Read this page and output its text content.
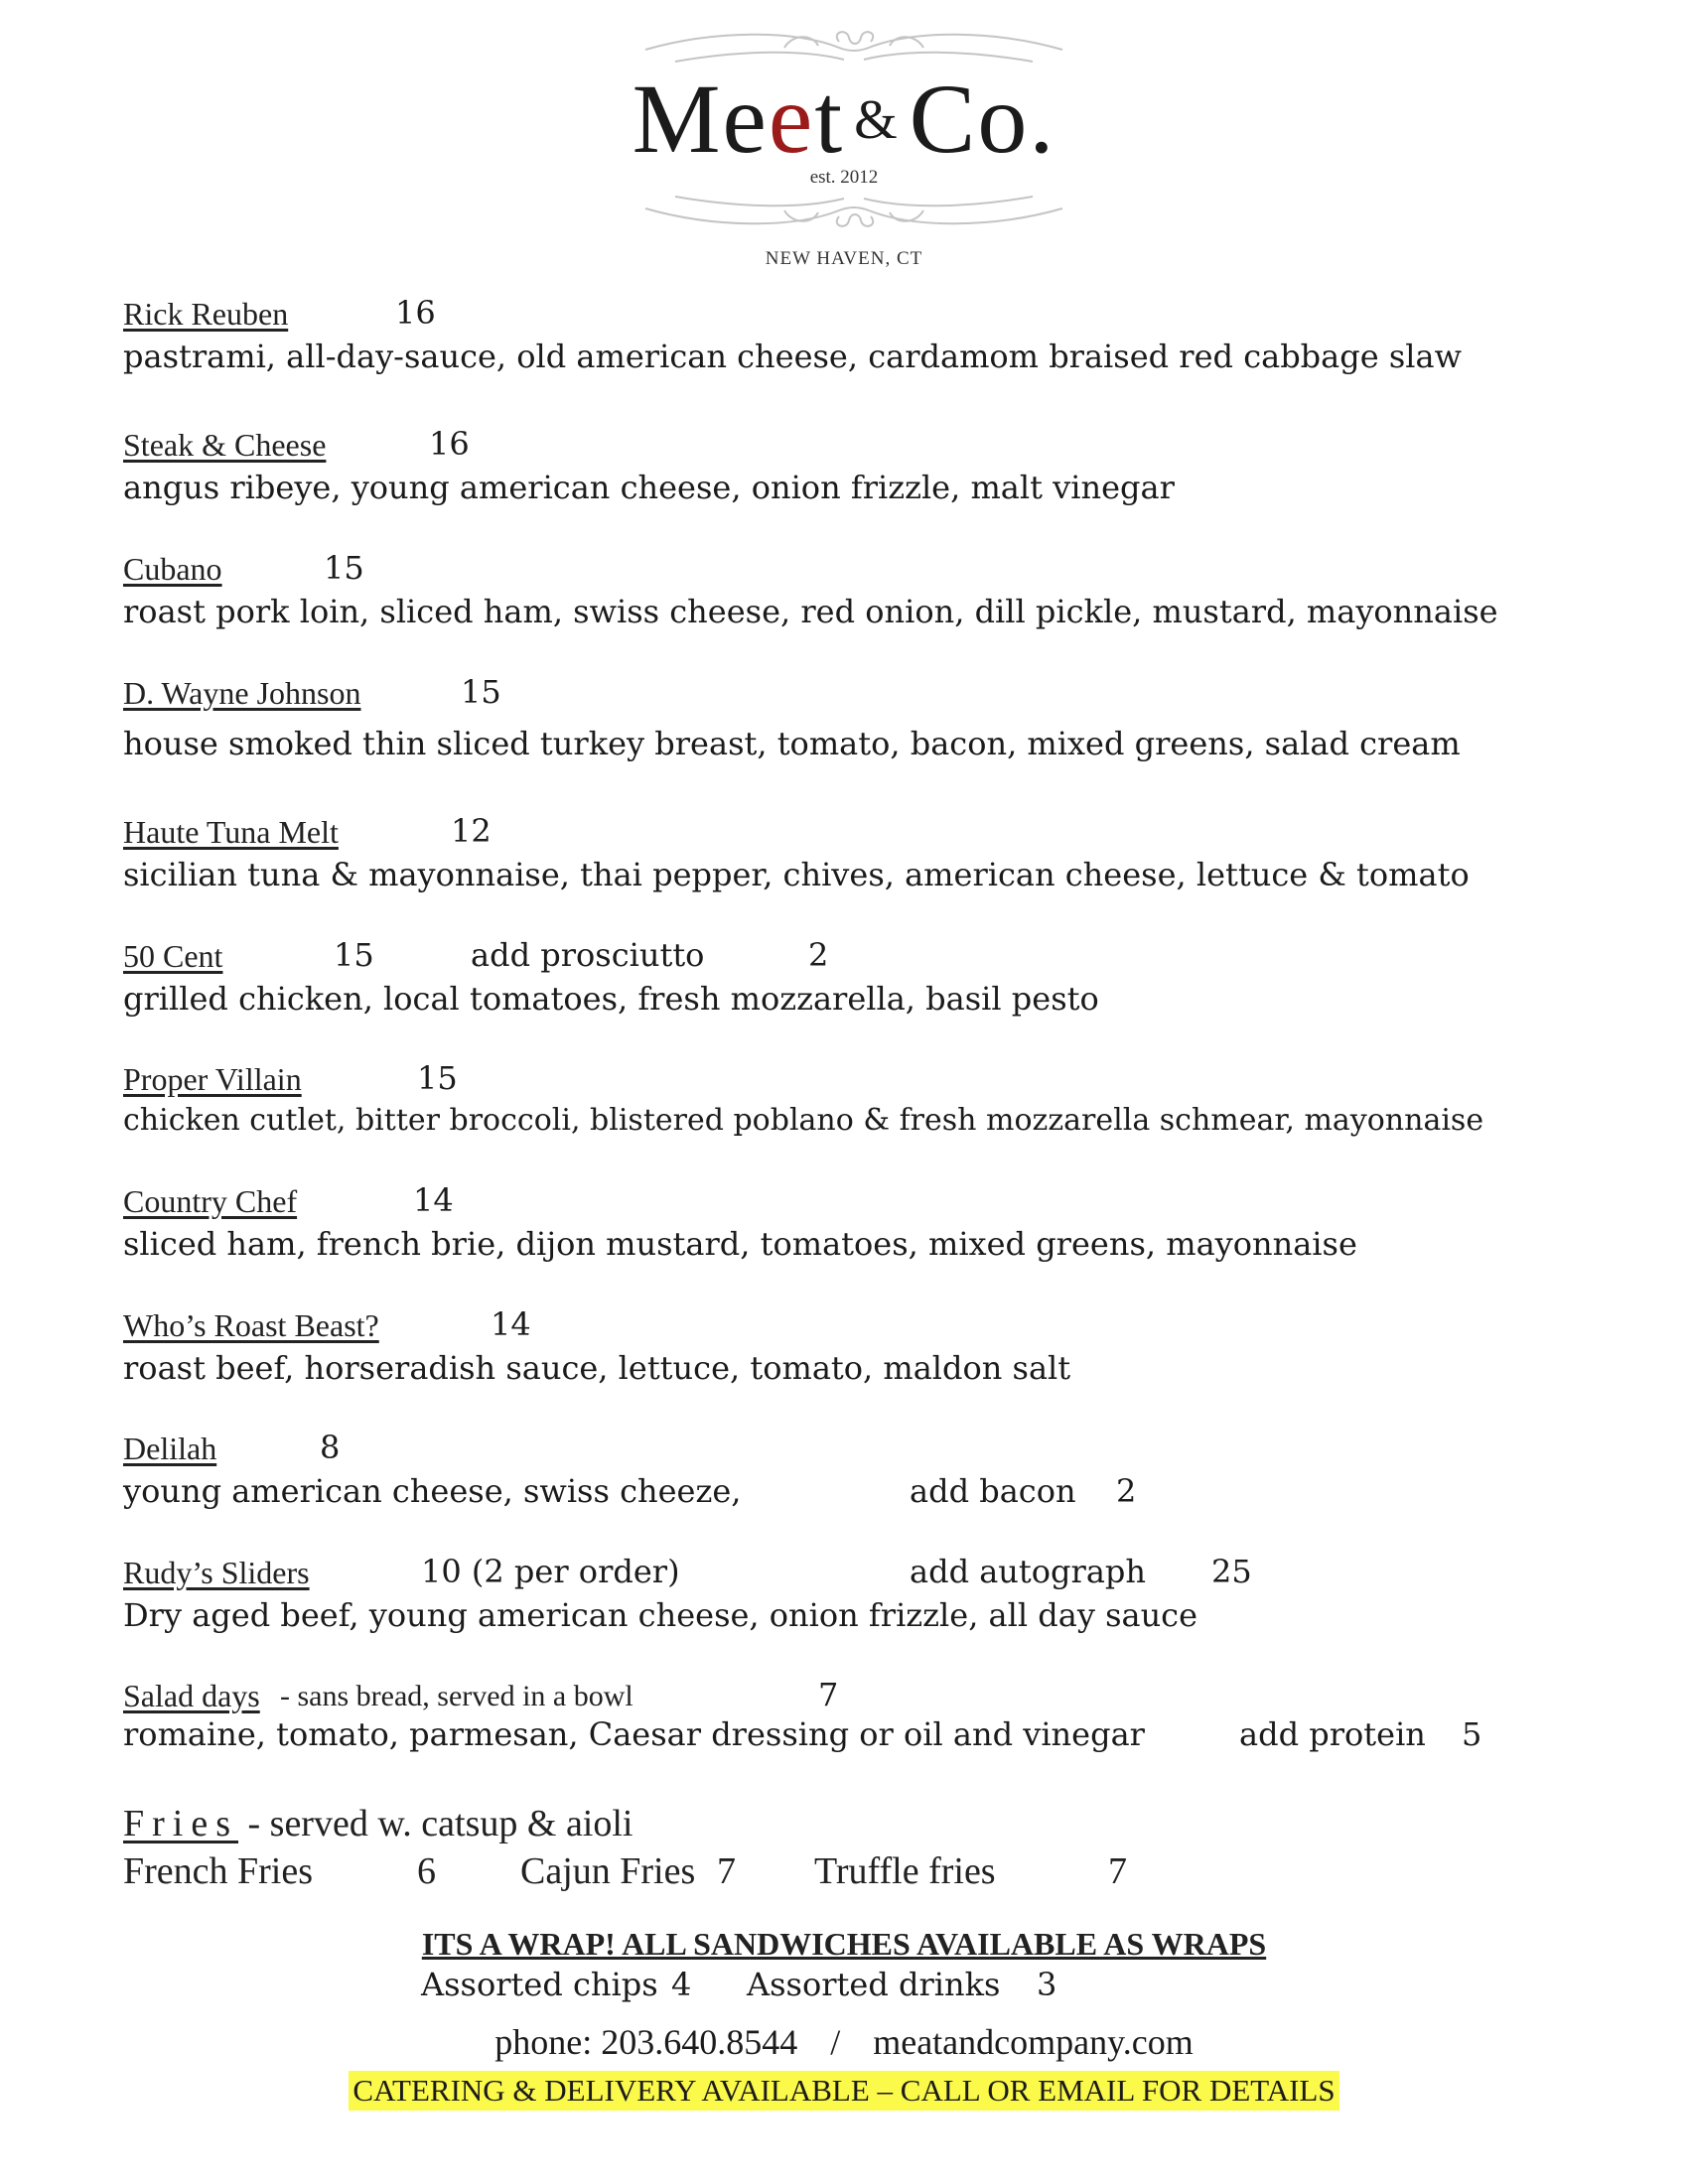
Meet & Co.
est. 2012
NEW HAVEN, CT
Rick Reuben	16
pastrami, all-day-sauce, old american cheese, cardamom braised red cabbage slaw
Steak & Cheese	16
angus ribeye, young american cheese, onion frizzle, malt vinegar
Cubano	15
roast pork loin, sliced ham, swiss cheese, red onion, dill pickle, mustard, mayonnaise
D. Wayne Johnson	15
house smoked thin sliced turkey breast, tomato, bacon, mixed greens, salad cream
Haute Tuna Melt	12
sicilian tuna & mayonnaise, thai pepper, chives, american cheese, lettuce & tomato
50 Cent	15	add prosciutto	2
grilled chicken, local tomatoes, fresh mozzarella, basil pesto
Proper Villain	15
chicken cutlet, bitter broccoli, blistered poblano & fresh mozzarella schmear, mayonnaise
Country Chef	14
sliced ham, french brie, dijon mustard, tomatoes, mixed greens, mayonnaise
Who’s Roast Beast?	14
roast beef, horseradish sauce, lettuce, tomato, maldon salt
Delilah	8
young american cheese, swiss cheeze,	add bacon 2
Rudy’s Sliders	10 (2 per order)	add autograph 25
Dry aged beef, young american cheese, onion frizzle, all day sauce
Salad days - sans bread, served in a bowl	7
romaine, tomato, parmesan, Caesar dressing or oil and vinegar	add protein 5
Fries - served w. catsup & aioli
French Fries	6 Cajun Fries 7 Truffle fries	7
ITS A WRAP! ALL SANDWICHES AVAILABLE AS WRAPS
Assorted chips 4 Assorted drinks 3
phone: 203.640.8544 / meatandcompany.com
CATERING & DELIVERY AVAILABLE – CALL OR EMAIL FOR DETAILS
